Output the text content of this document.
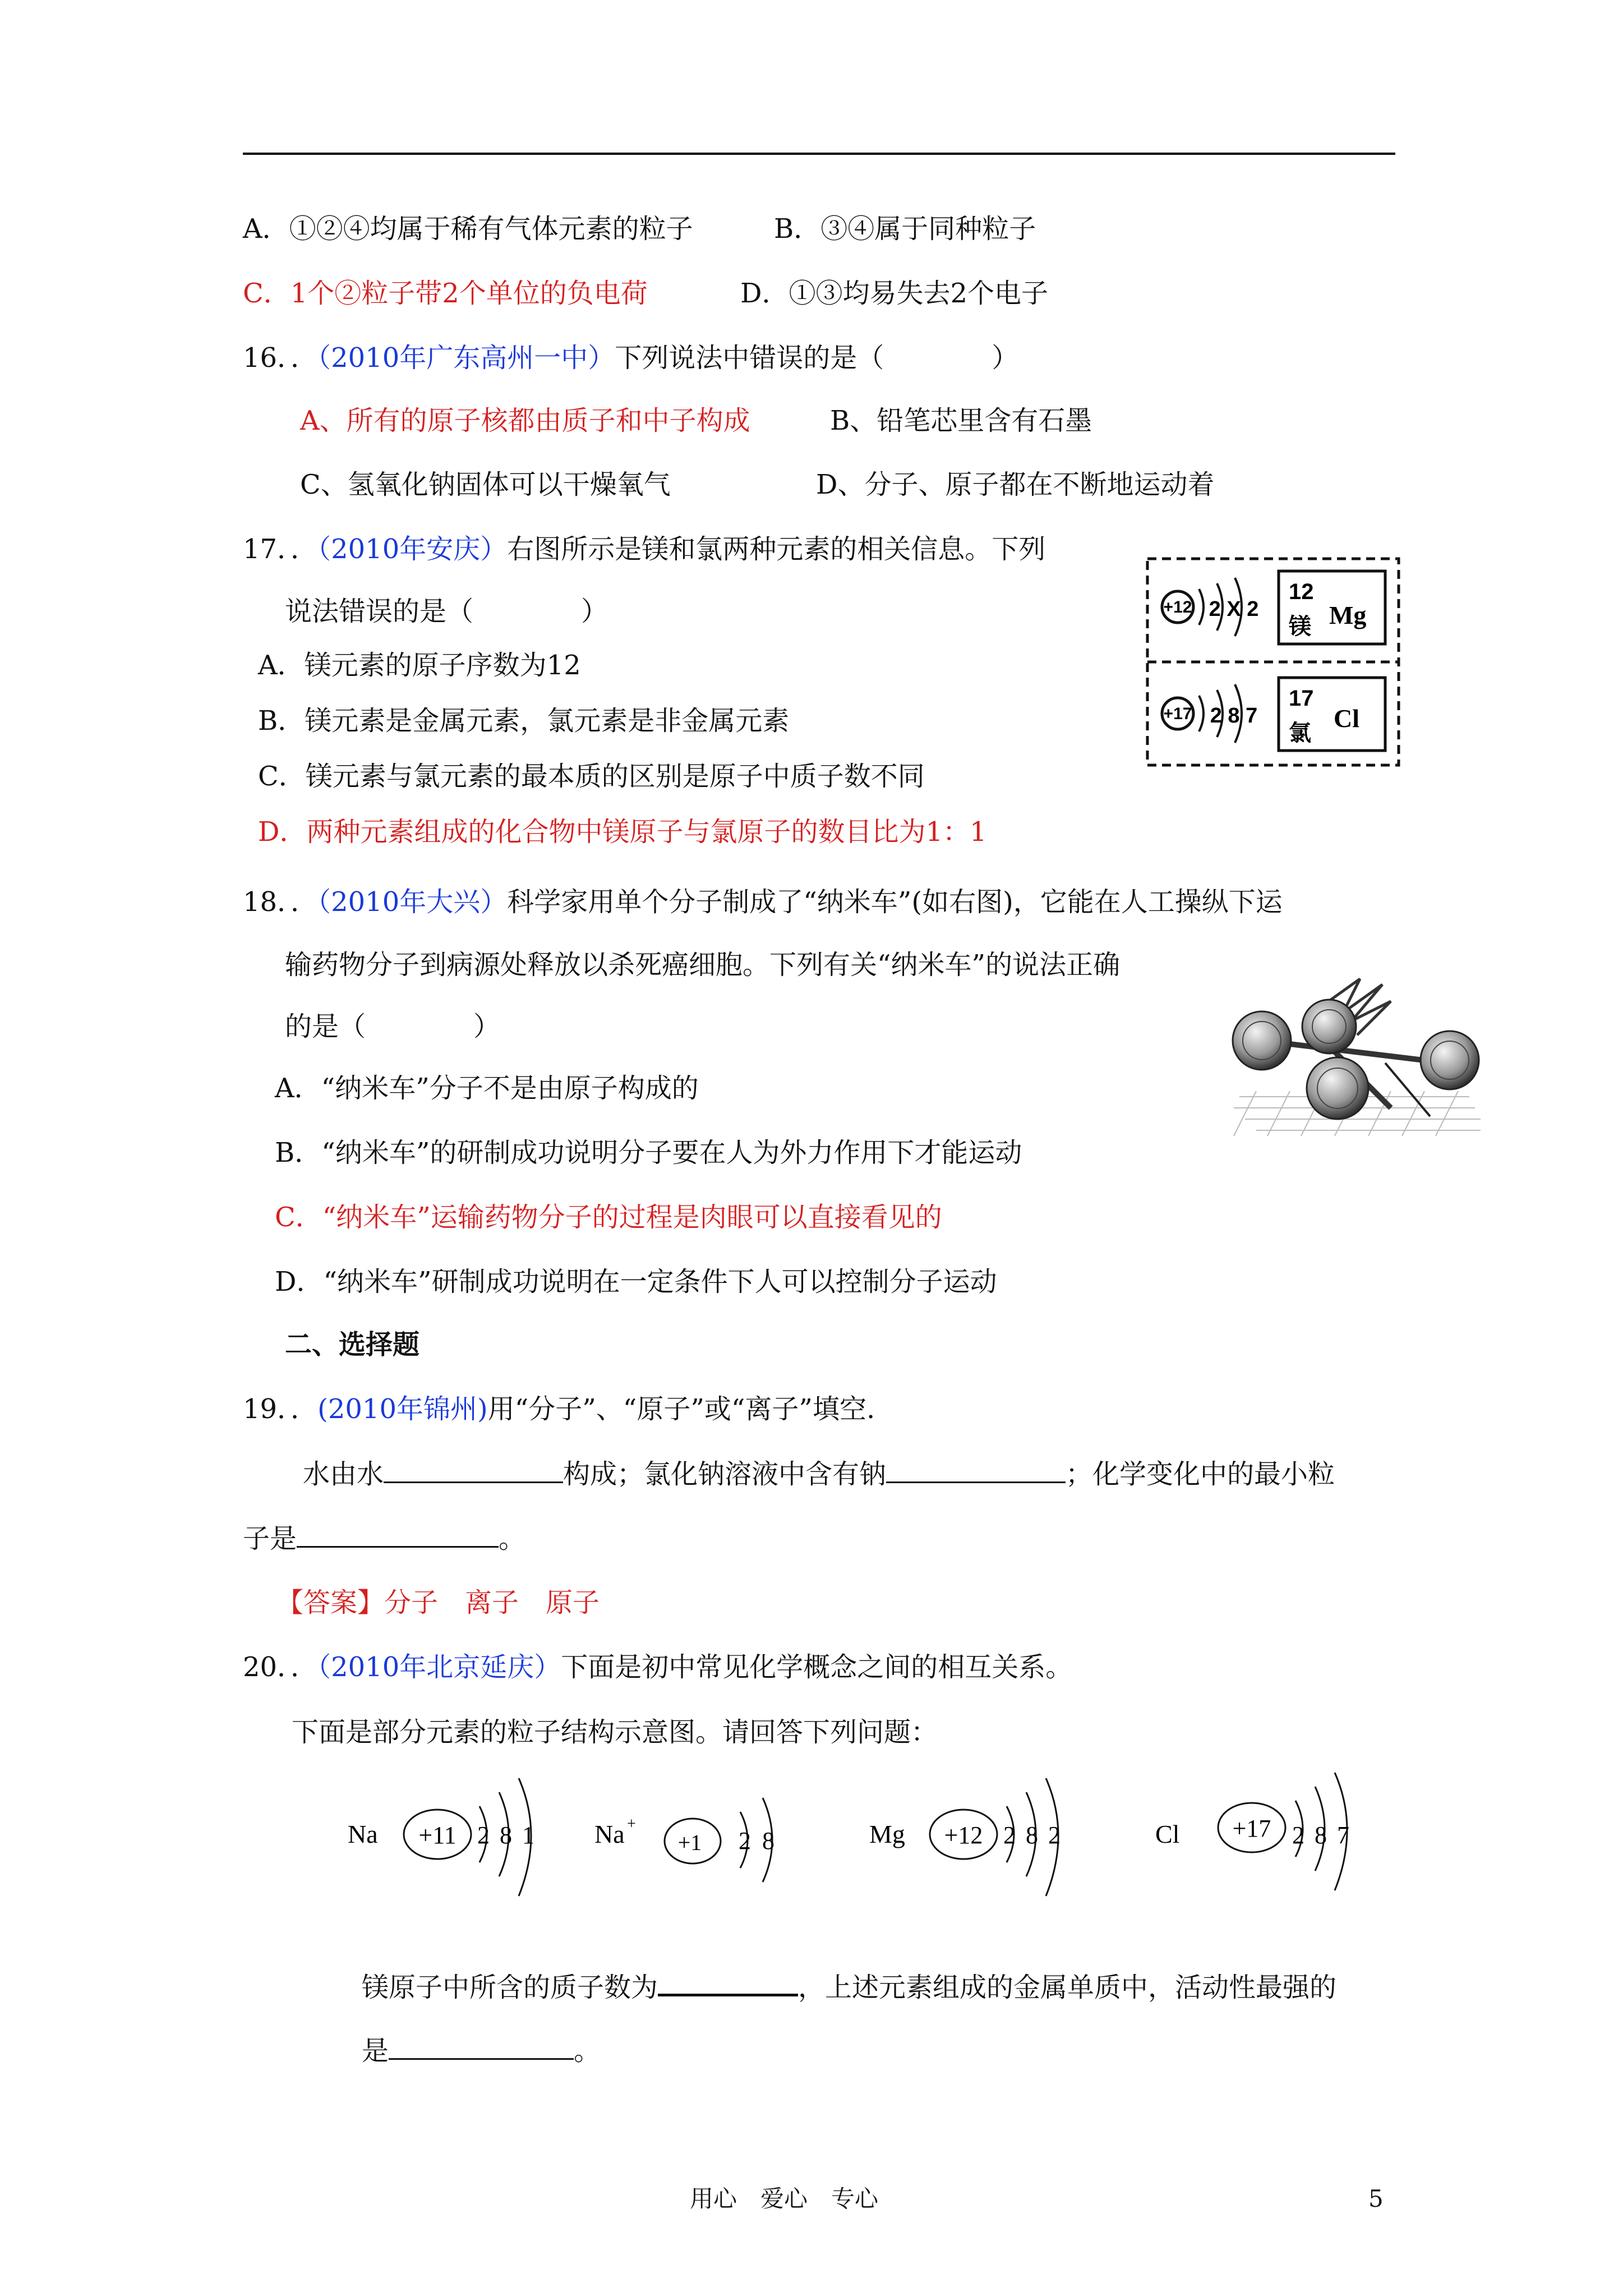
A．①②④均属于稀有气体元素的粒子	B．③④属于同种粒子
C．1个②粒子带2个单位的负电荷	D．①③均易失去2个电子
16．．（2010年广东高州一中）下列说法中错误的是（　　　　）
A、所有的原子核都由质子和中子构成	B、铅笔芯里含有石墨
C、氢氧化钠固体可以干燥氧气	D、分子、原子都在不断地运动着
17．．（2010年安庆）右图所示是镁和氯两种元素的相关信息。下列
说法错误的是（　　　　）
A．镁元素的原子序数为12
B．镁元素是金属元素，氯元素是非金属元素
C．镁元素与氯元素的最本质的区别是原子中质子数不同
D．两种元素组成的化合物中镁原子与氯原子的数目比为1：1
+12 2 X 2
12
镁 Mg
+17 2 8 7
17
氯
Cl
18．．（2010年大兴）科学家用单个分子制成了“纳米车”(如右图)，它能在人工操纵下运
输药物分子到病源处释放以杀死癌细胞。下列有关“纳米车”的说法正确
的是（　　　　）
A．“纳米车”分子不是由原子构成的
B．“纳米车”的研制成功说明分子要在人为外力作用下才能运动
C．“纳米车”运输药物分子的过程是肉眼可以直接看见的
D．“纳米车”研制成功说明在一定条件下人可以控制分子运动
二、选择题
19．．(2010年锦州)用“分子”、“原子”或“离子”填空.
水由水	构成；氯化钠溶液中含有钠	；化学变化中的最小粒
子是	。
【答案】分子　离子　原子
20．．（2010年北京延庆）下面是初中常见化学概念之间的相互关系。
下面是部分元素的粒子结构示意图。请回答下列问题：
Na +11 2 8 1 Na +
+1 2 8	Mg +12 2 8 2	Cl +17 2 8 7
镁原子中所含的质子数为	，上述元素组成的金属单质中，活动性最强的
是	。
用心　爱心　专心	5
